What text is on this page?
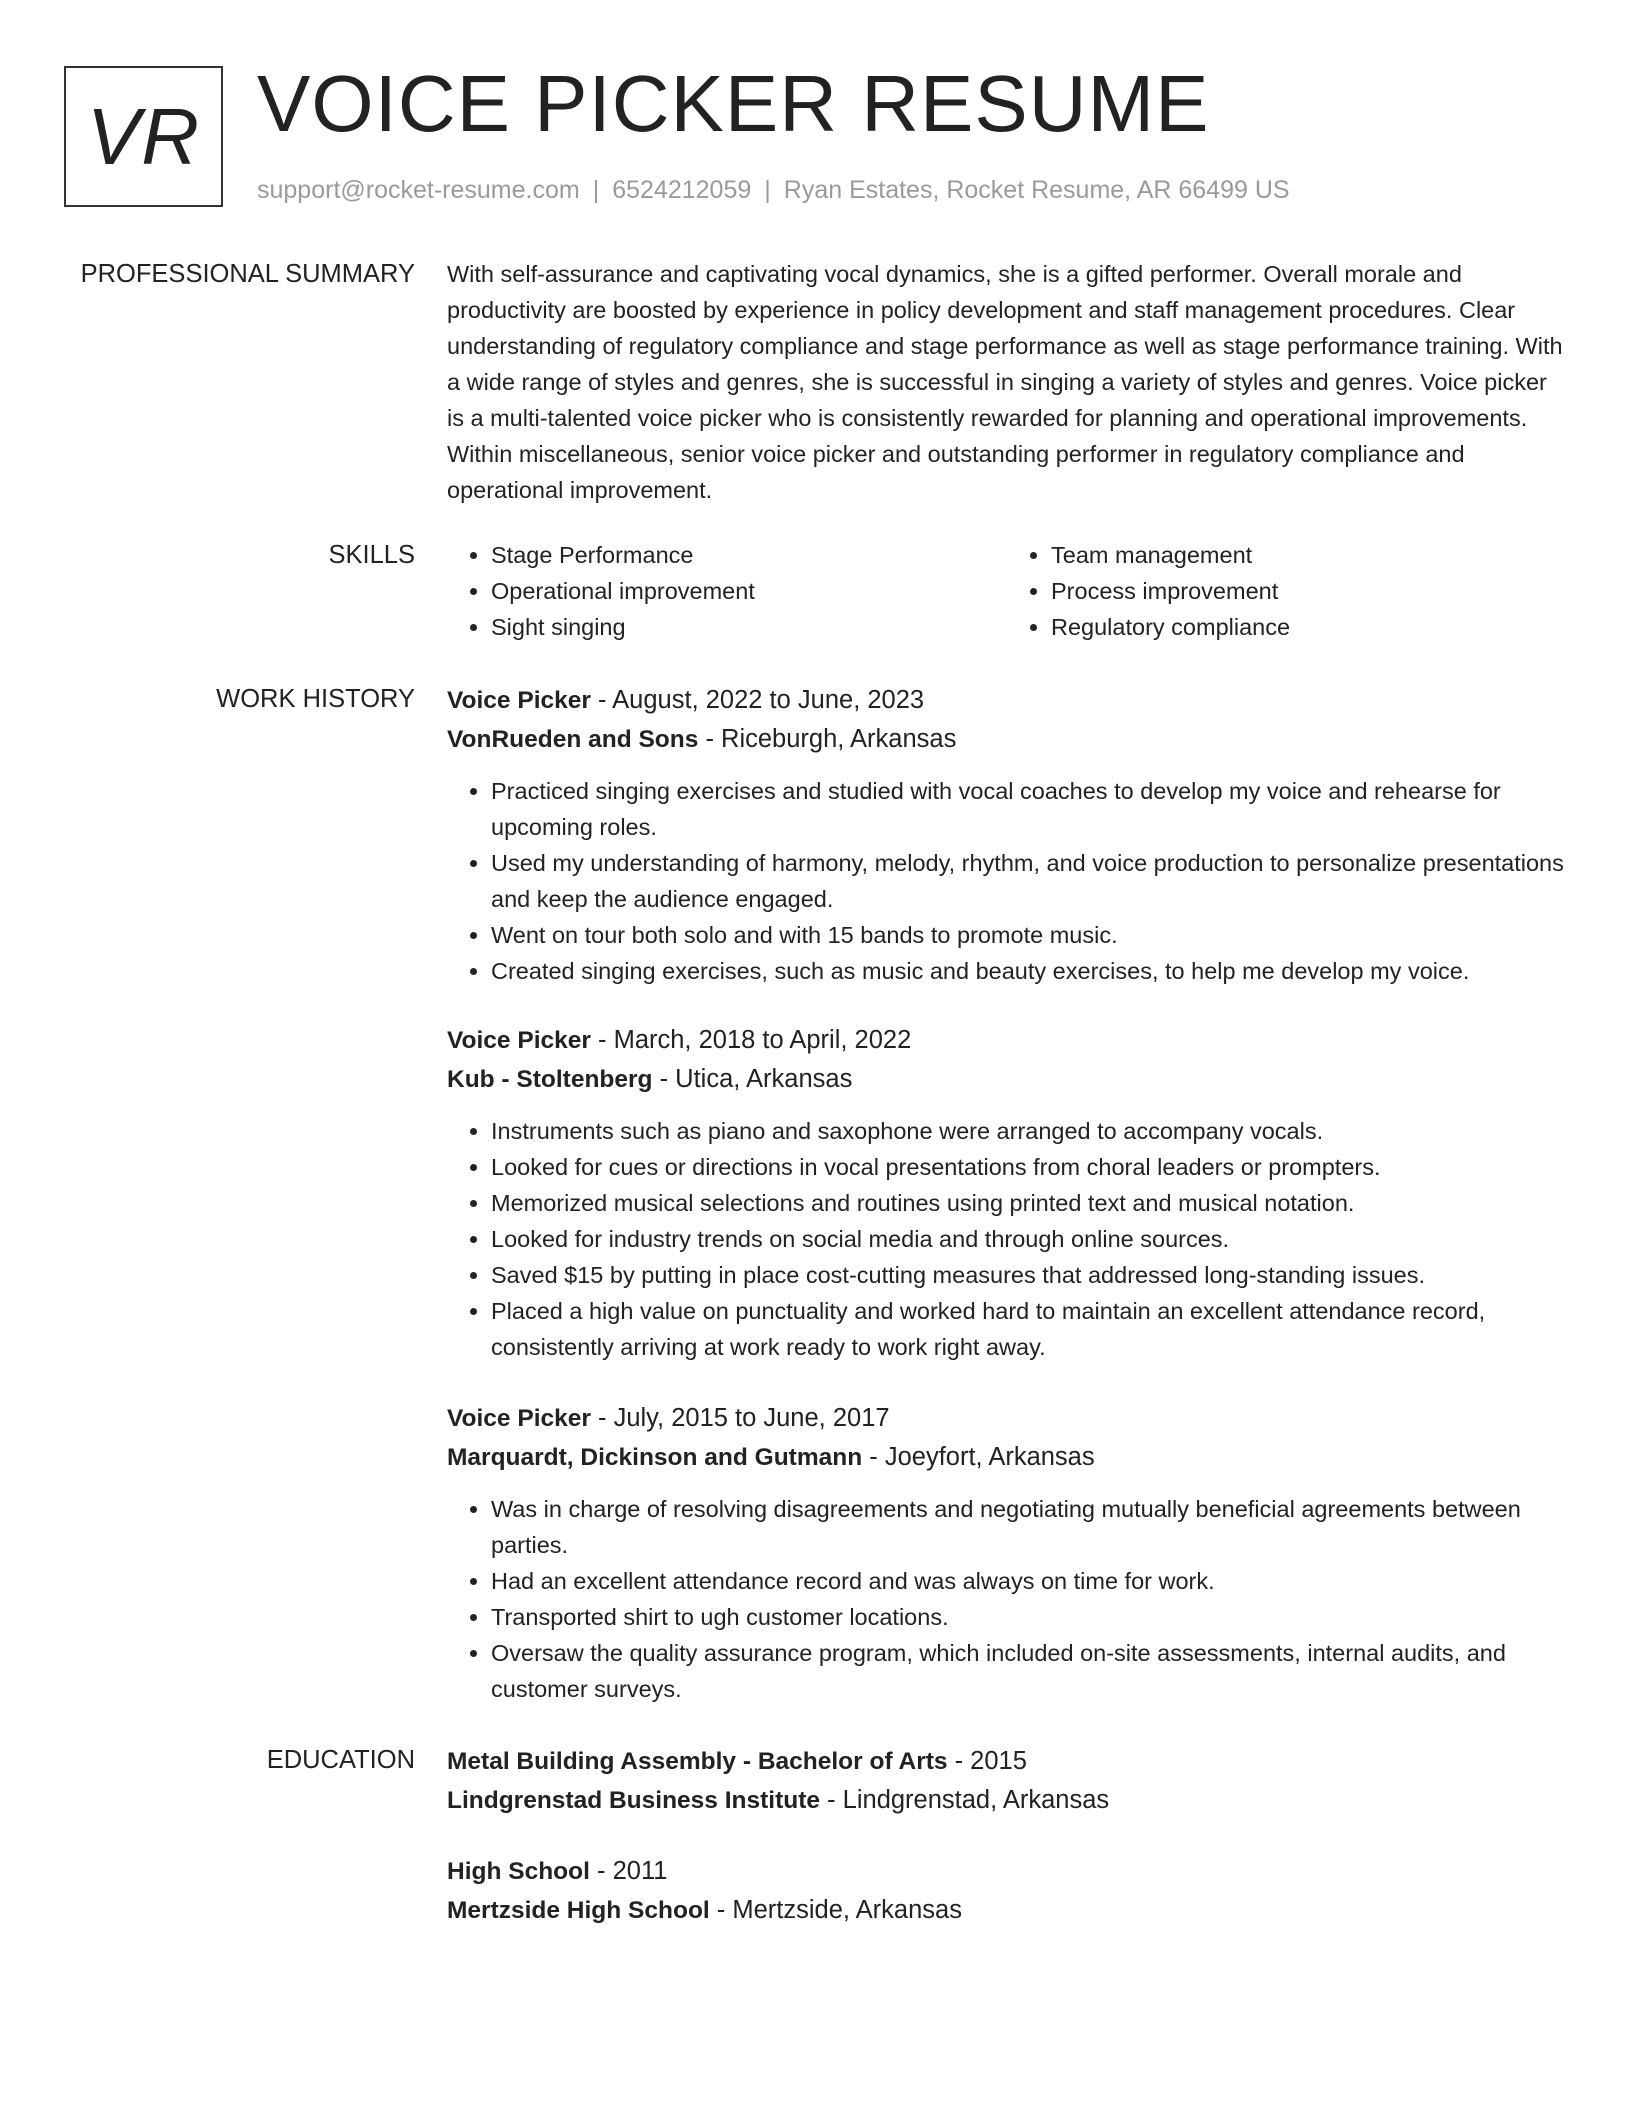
VR VOICE PICKER RESUME
support@rocket-resume.com | 6524212059 | Ryan Estates, Rocket Resume, AR 66499 US
PROFESSIONAL SUMMARY With self-assurance and captivating vocal dynamics, she is a gifted performer. Overall morale and productivity are boosted by experience in policy development and staff management procedures. Clear understanding of regulatory compliance and stage performance as well as stage performance training. With a wide range of styles and genres, she is successful in singing a variety of styles and genres. Voice picker is a multi-talented voice picker who is consistently rewarded for planning and operational improvements. Within miscellaneous, senior voice picker and outstanding performer in regulatory compliance and operational improvement.

SKILLS
•	Stage Performance
• Operational improvement
• Sight singing
• Team management
• Process improvement
• Regulatory compliance
WORK HISTORY Voice Picker - August, 2022 to June, 2023

VonRueden and Sons - Riceburgh, Arkansas

• Practiced singing exercises and studied with vocal coaches to develop my voice and rehearse for upcoming roles.
• Used my understanding of harmony, melody, rhythm, and voice production to personalize presentations and keep the audience engaged.
• Went on tour both solo and with 15 bands to promote music.
• Created singing exercises, such as music and beauty exercises, to help me develop my voice.

Voice Picker - March, 2018 to April, 2022

Kub - Stoltenberg - Utica, Arkansas

• Instruments such as piano and saxophone were arranged to accompany vocals.
• Looked for cues or directions in vocal presentations from choral leaders or prompters.
• Memorized musical selections and routines using printed text and musical notation.
• Looked for industry trends on social media and through online sources.
• Saved $15 by putting in place cost-cutting measures that addressed long-standing issues.
• Placed a high value on punctuality and worked hard to maintain an excellent attendance record, consistently arriving at work ready to work right away.

Voice Picker - July, 2015 to June, 2017

Marquardt, Dickinson and Gutmann - Joeyfort, Arkansas

• Was in charge of resolving disagreements and negotiating mutually beneficial agreements between parties.
• Had an excellent attendance record and was always on time for work.
• Transported shirt to ugh customer locations.
• Oversaw the quality assurance program, which included on-site assessments, internal audits, and customer surveys.
EDUCATION Metal Building Assembly - Bachelor of Arts - 2015

Lindgrenstad Business Institute - Lindgrenstad, Arkansas

High School - 2011

Mertzside High School - Mertzside, Arkansas
